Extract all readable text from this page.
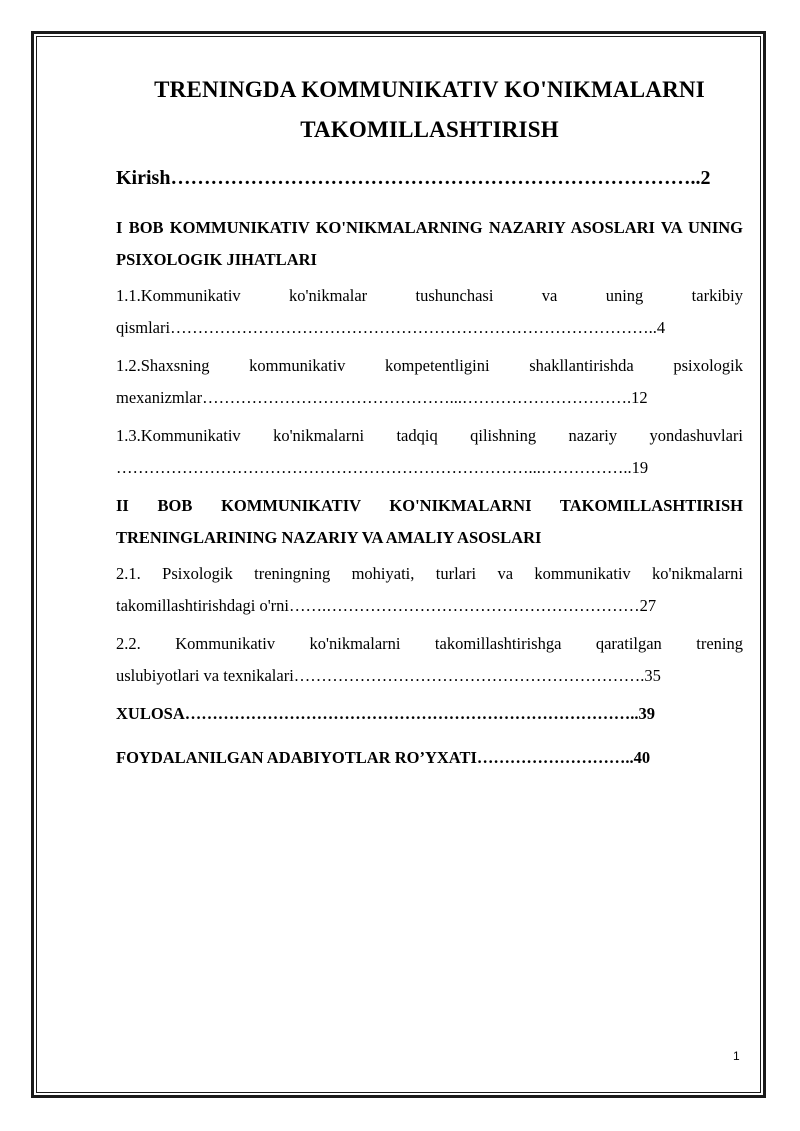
TRENINGDA KOMMUNIKATIV KO'NIKMALARNI
TAKOMILLASHTIRISH
Kirish……………………………………………………………………..2
I BOB KOMMUNIKATIV KO'NIKMALARNING NAZARIY ASOSLARI VA UNING PSIXOLOGIK JIHATLARI
1.1.Kommunikativ ko'nikmalar tushunchasi va uning tarkibiy
qismlari……………………………………………………………………………..4
1.2.Shaxsning kommunikativ kompetentligini shakllantirishda psixologik
mexanizmlar………………………………………...………………………….12
1.3.Kommunikativ ko'nikmalarni tadqiq qilishning nazariy yondashuvlari
…………………………………………………………………...……………..19
II BOB KOMMUNIKATIV KO'NIKMALARNI TAKOMILLASHTIRISH TRENINGLARINING NAZARIY VA AMALIY ASOSLARI
2.1. Psixologik treningning mohiyati, turlari va kommunikativ ko'nikmalarni
takomillashtirishdagi o'rni…….…………………………………………………27
2.2. Kommunikativ ko'nikmalarni takomillashtirishga qaratilgan trening
uslubiyotlari va texnikalari……………………………………………………….35
XULOSA………………………………………………………………………..39
FOYDALANILGAN ADABIYOTLAR RO’YXATI………………………..40
1
